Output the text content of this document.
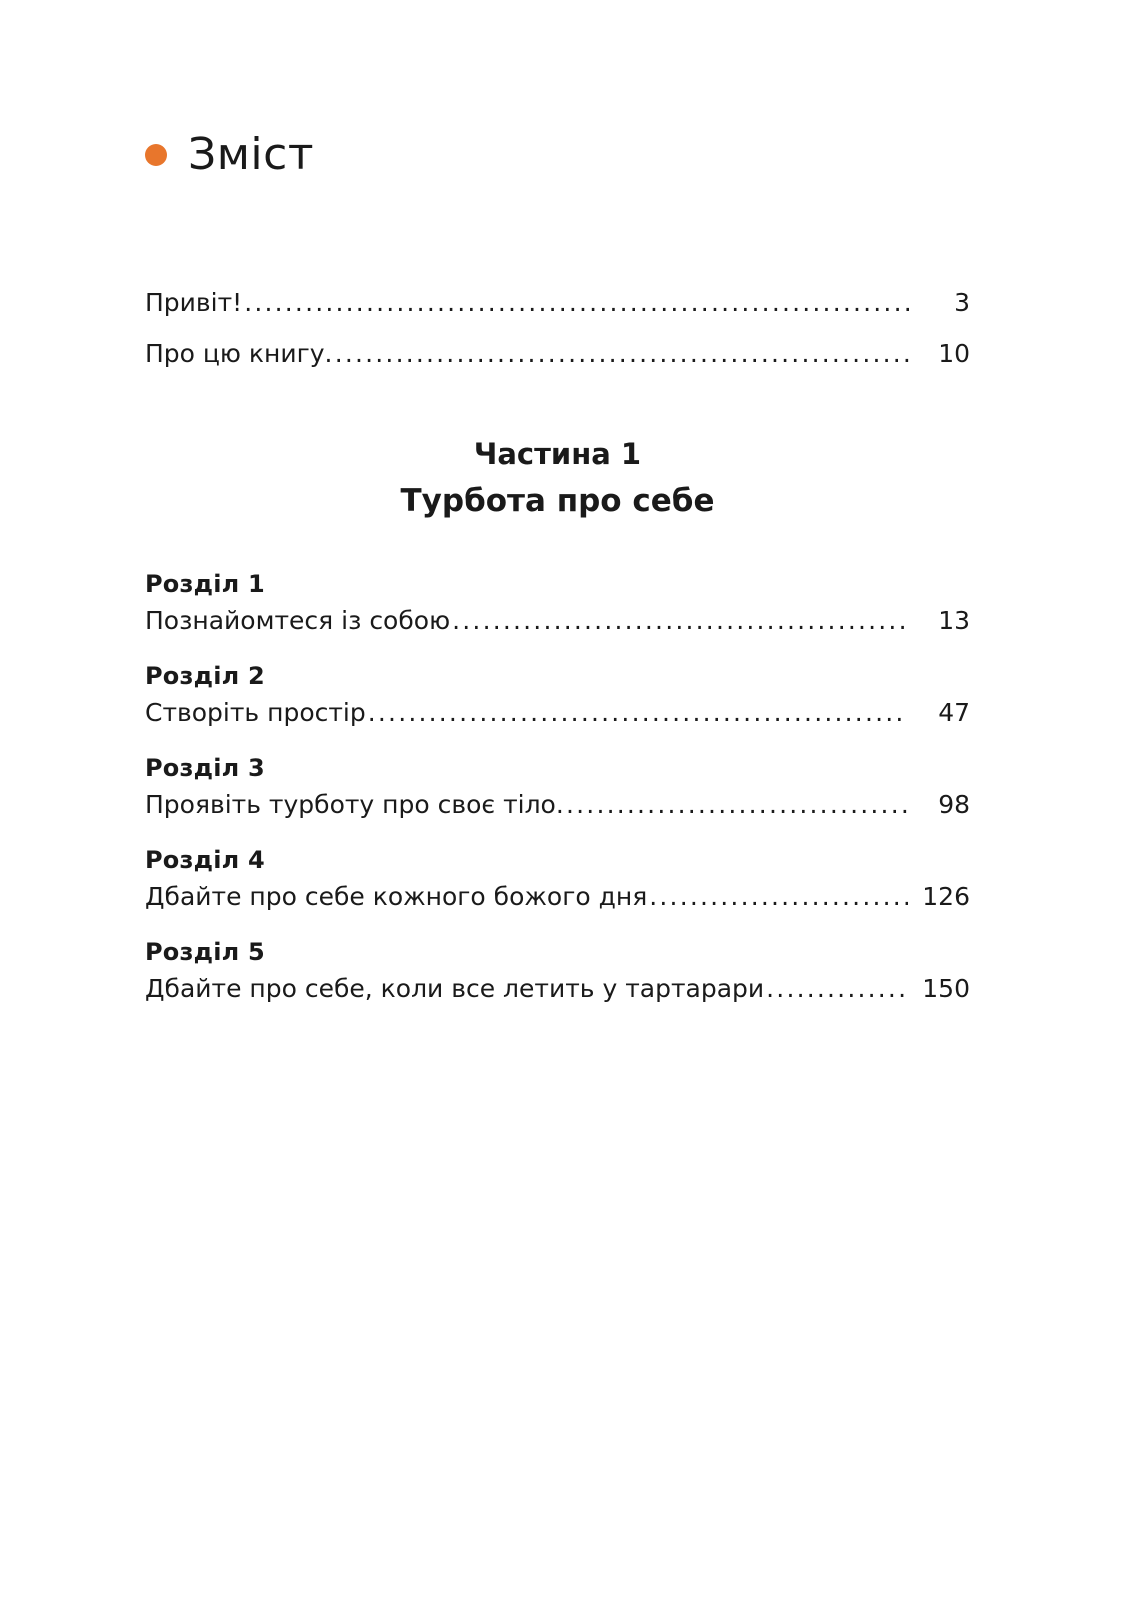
Зміст
Привіт! .....	3
Про цю книгу .....	10
Частина 1
Турбота про себе
Розділ 1
Познайомтеся із собою .....	13
Розділ 2
Створіть простір .....	47
Розділ 3
Проявіть турботу про своє тіло .....	98
Розділ 4
Дбайте про себе кожного божого дня .....	126
Розділ 5
Дбайте про себе, коли все летить у тартарари .....	150
